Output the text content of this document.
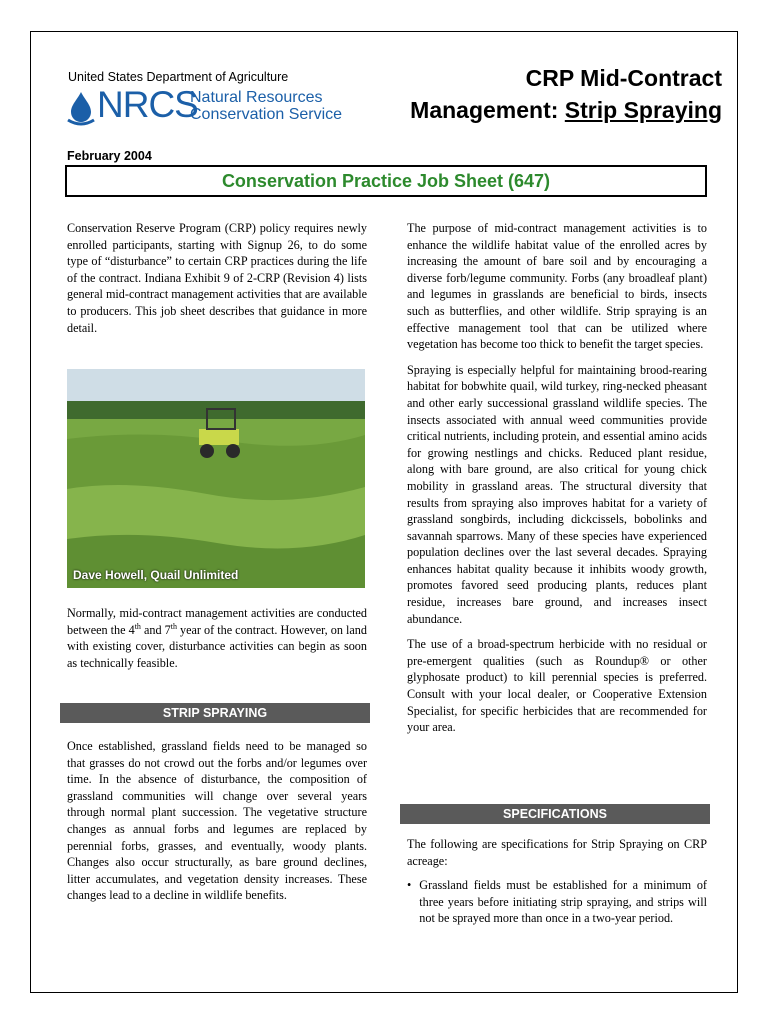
United States Department of Agriculture
NRCS
Natural Resources
Conservation Service
CRP Mid-Contract
Management: Strip Spraying
February 2004
Conservation Practice Job Sheet (647)

Conservation Reserve Program (CRP) policy requires newly enrolled participants, starting with Signup 26, to do some type of “disturbance” to certain CRP practices during the life of the contract. Indiana Exhibit 9 of 2-CRP (Revision 4) lists general mid-contract management activities that are available to producers. This job sheet describes that guidance in more detail.

Dave Howell, Quail Unlimited

Normally, mid-contract management activities are conducted between the 4th and 7th year of the contract. However, on land with existing cover, disturbance activities can begin as soon as technically feasible.

STRIP SPRAYING

Once established, grassland fields need to be managed so that grasses do not crowd out the forbs and/or legumes over time. In the absence of disturbance, the composition of grassland communities will change over several years through normal plant succession. The vegetative structure changes as annual forbs and legumes are replaced by perennial forbs, grasses, and eventually, woody plants. Changes also occur structurally, as bare ground declines, litter accumulates, and vegetation density increases. These changes lead to a decline in wildlife benefits.

The purpose of mid-contract management activities is to enhance the wildlife habitat value of the enrolled acres by increasing the amount of bare soil and by encouraging a diverse forb/legume community. Forbs (any broadleaf plant) and legumes in grasslands are beneficial to birds, insects such as butterflies, and other wildlife. Strip spraying is an effective management tool that can be utilized where vegetation has become too thick to benefit the target species.

Spraying is especially helpful for maintaining brood-rearing habitat for bobwhite quail, wild turkey, ring-necked pheasant and other early successional grassland wildlife species. The insects associated with annual weed communities provide critical nutrients, including protein, and essential amino acids for growing nestlings and chicks. Reduced plant residue, along with bare ground, are also critical for young chick mobility in grassland areas. The structural diversity that results from spraying also improves habitat for a variety of grassland songbirds, including dickcissels, bobolinks and savannah sparrows. Many of these species have experienced population declines over the last several decades. Spraying enhances habitat quality because it inhibits woody growth, promotes favored seed producing plants, reduces plant residue, increases bare ground, and increases insect abundance.

The use of a broad-spectrum herbicide with no residual or pre-emergent qualities (such as Roundup® or other glyphosate product) to kill perennial species is preferred. Consult with your local dealer, or Cooperative Extension Specialist, for specific herbicides that are recommended for your area.

SPECIFICATIONS

The following are specifications for Strip Spraying on CRP acreage:

• Grassland fields must be established for a minimum of three years before initiating strip spraying, and strips will not be sprayed more than once in a two-year period.
